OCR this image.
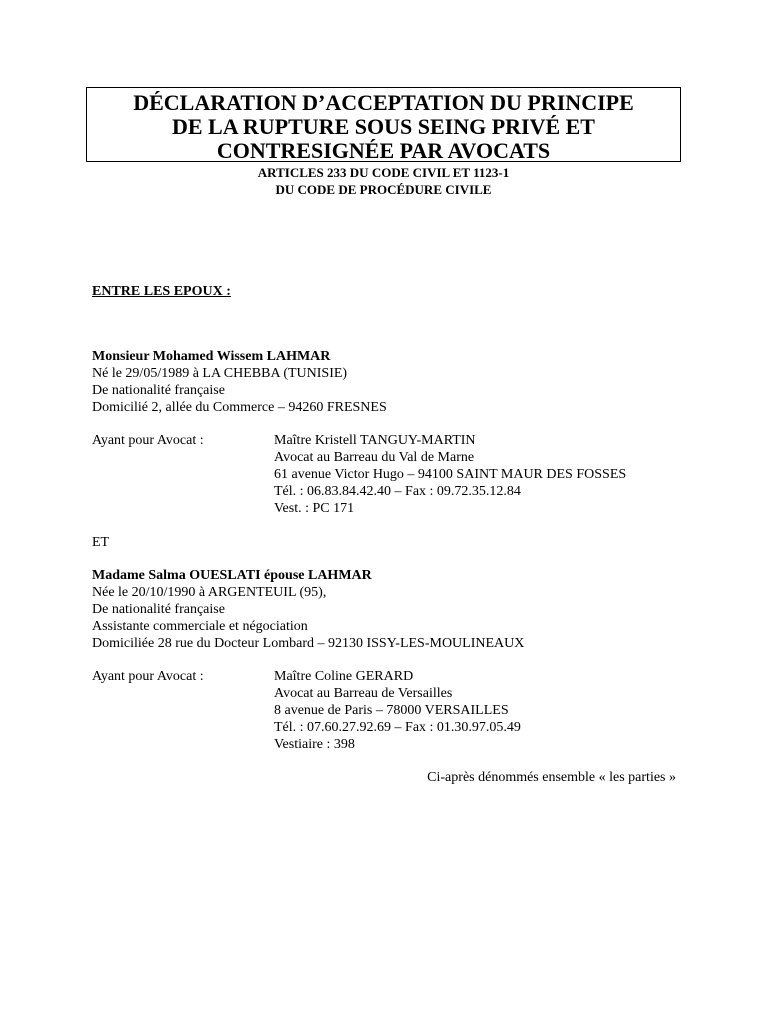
DÉCLARATION D’ACCEPTATION DU PRINCIPE
DE LA RUPTURE SOUS SEING PRIVÉ ET
CONTRESIGNÉE PAR AVOCATS
ARTICLES 233 DU CODE CIVIL ET 1123-1
DU CODE DE PROCÉDURE CIVILE
ENTRE LES EPOUX :
Monsieur Mohamed Wissem LAHMAR
Né le 29/05/1989 à LA CHEBBA (TUNISIE)
De nationalité française
Domicilié 2, allée du Commerce – 94260 FRESNES
Ayant pour Avocat :	Maître Kristell TANGUY-MARTIN
Avocat au Barreau du Val de Marne
61 avenue Victor Hugo – 94100 SAINT MAUR DES FOSSES
Tél. : 06.83.84.42.40 – Fax : 09.72.35.12.84
Vest. : PC 171
ET
Madame Salma OUESLATI épouse LAHMAR
Née le 20/10/1990 à ARGENTEUIL (95),
De nationalité française
Assistante commerciale et négociation
Domiciliée 28 rue du Docteur Lombard – 92130 ISSY-LES-MOULINEAUX
Ayant pour Avocat :	Maître Coline GERARD
Avocat au Barreau de Versailles
8 avenue de Paris – 78000 VERSAILLES
Tél. : 07.60.27.92.69 – Fax : 01.30.97.05.49
Vestiaire : 398
Ci-après dénommés ensemble « les parties »
